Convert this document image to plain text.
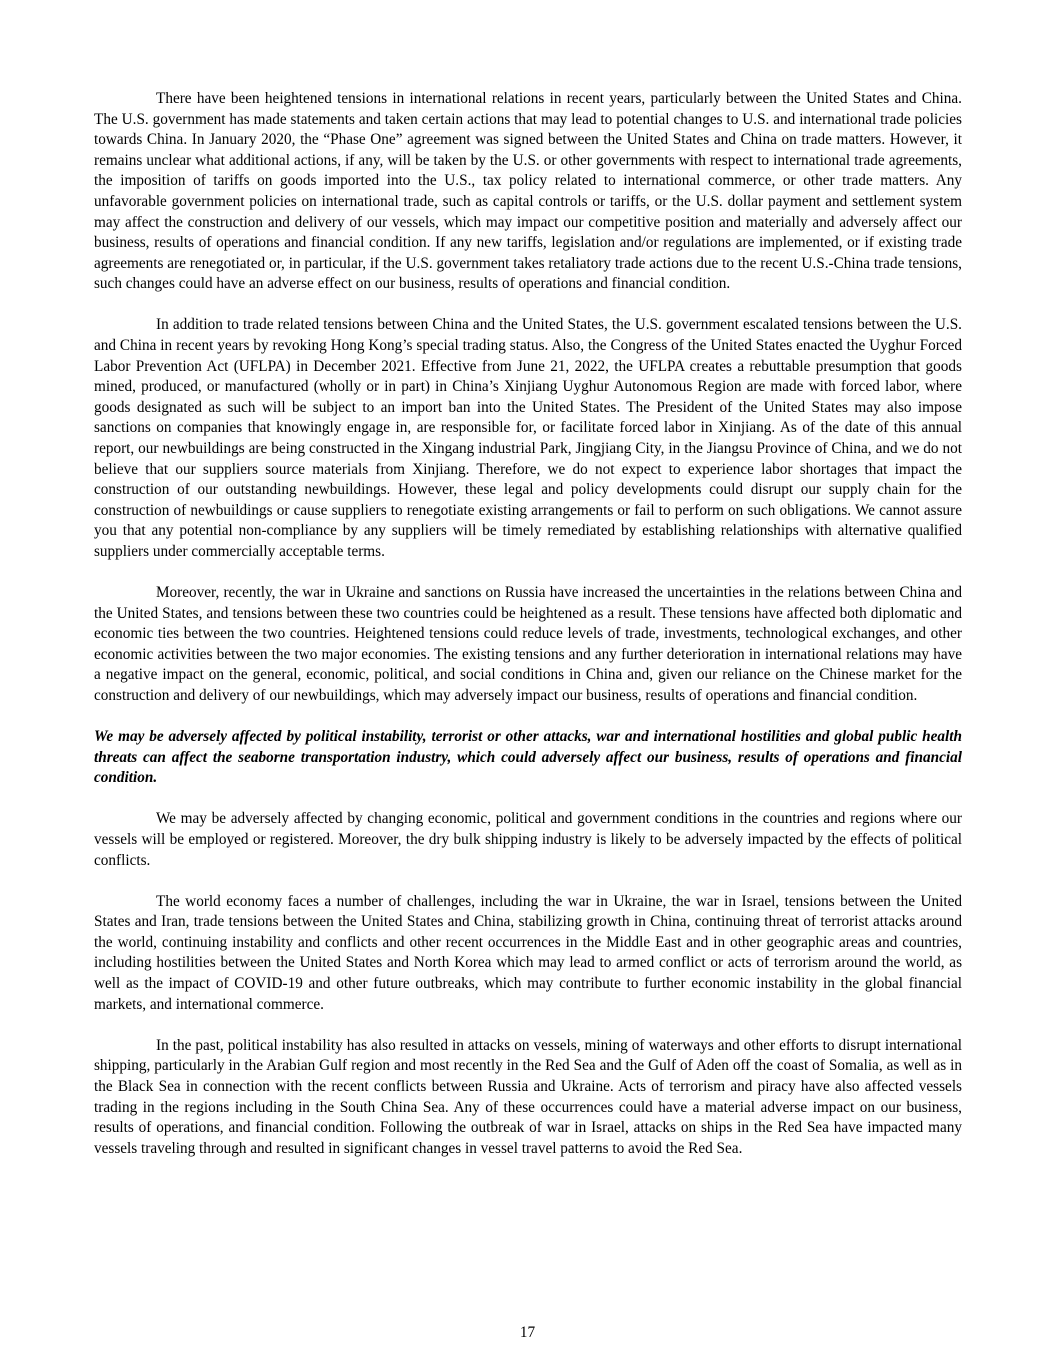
There have been heightened tensions in international relations in recent years, particularly between the United States and China. The U.S. government has made statements and taken certain actions that may lead to potential changes to U.S. and international trade policies towards China. In January 2020, the “Phase One” agreement was signed between the United States and China on trade matters. However, it remains unclear what additional actions, if any, will be taken by the U.S. or other governments with respect to international trade agreements, the imposition of tariffs on goods imported into the U.S., tax policy related to international commerce, or other trade matters. Any unfavorable government policies on international trade, such as capital controls or tariffs, or the U.S. dollar payment and settlement system may affect the construction and delivery of our vessels, which may impact our competitive position and materially and adversely affect our business, results of operations and financial condition. If any new tariffs, legislation and/or regulations are implemented, or if existing trade agreements are renegotiated or, in particular, if the U.S. government takes retaliatory trade actions due to the recent U.S.-China trade tensions, such changes could have an adverse effect on our business, results of operations and financial condition.

In addition to trade related tensions between China and the United States, the U.S. government escalated tensions between the U.S. and China in recent years by revoking Hong Kong’s special trading status. Also, the Congress of the United States enacted the Uyghur Forced Labor Prevention Act (UFLPA) in December 2021. Effective from June 21, 2022, the UFLPA creates a rebuttable presumption that goods mined, produced, or manufactured (wholly or in part) in China’s Xinjiang Uyghur Autonomous Region are made with forced labor, where goods designated as such will be subject to an import ban into the United States. The President of the United States may also impose sanctions on companies that knowingly engage in, are responsible for, or facilitate forced labor in Xinjiang. As of the date of this annual report, our newbuildings are being constructed in the Xingang industrial Park, Jingjiang City, in the Jiangsu Province of China, and we do not believe that our suppliers source materials from Xinjiang. Therefore, we do not expect to experience labor shortages that impact the construction of our outstanding newbuildings. However, these legal and policy developments could disrupt our supply chain for the construction of newbuildings or cause suppliers to renegotiate existing arrangements or fail to perform on such obligations. We cannot assure you that any potential non-compliance by any suppliers will be timely remediated by establishing relationships with alternative qualified suppliers under commercially acceptable terms.

Moreover, recently, the war in Ukraine and sanctions on Russia have increased the uncertainties in the relations between China and the United States, and tensions between these two countries could be heightened as a result. These tensions have affected both diplomatic and economic ties between the two countries. Heightened tensions could reduce levels of trade, investments, technological exchanges, and other economic activities between the two major economies. The existing tensions and any further deterioration in international relations may have a negative impact on the general, economic, political, and social conditions in China and, given our reliance on the Chinese market for the construction and delivery of our newbuildings, which may adversely impact our business, results of operations and financial condition.

We may be adversely affected by political instability, terrorist or other attacks, war and international hostilities and global public health threats can affect the seaborne transportation industry, which could adversely affect our business, results of operations and financial condition.

We may be adversely affected by changing economic, political and government conditions in the countries and regions where our vessels will be employed or registered. Moreover, the dry bulk shipping industry is likely to be adversely impacted by the effects of political conflicts.

The world economy faces a number of challenges, including the war in Ukraine, the war in Israel, tensions between the United States and Iran, trade tensions between the United States and China, stabilizing growth in China, continuing threat of terrorist attacks around the world, continuing instability and conflicts and other recent occurrences in the Middle East and in other geographic areas and countries, including hostilities between the United States and North Korea which may lead to armed conflict or acts of terrorism around the world, as well as the impact of COVID-19 and other future outbreaks, which may contribute to further economic instability in the global financial markets, and international commerce.

In the past, political instability has also resulted in attacks on vessels, mining of waterways and other efforts to disrupt international shipping, particularly in the Arabian Gulf region and most recently in the Red Sea and the Gulf of Aden off the coast of Somalia, as well as in the Black Sea in connection with the recent conflicts between Russia and Ukraine. Acts of terrorism and piracy have also affected vessels trading in the regions including in the South China Sea. Any of these occurrences could have a material adverse impact on our business, results of operations, and financial condition. Following the outbreak of war in Israel, attacks on ships in the Red Sea have impacted many vessels traveling through and resulted in significant changes in vessel travel patterns to avoid the Red Sea.

17
